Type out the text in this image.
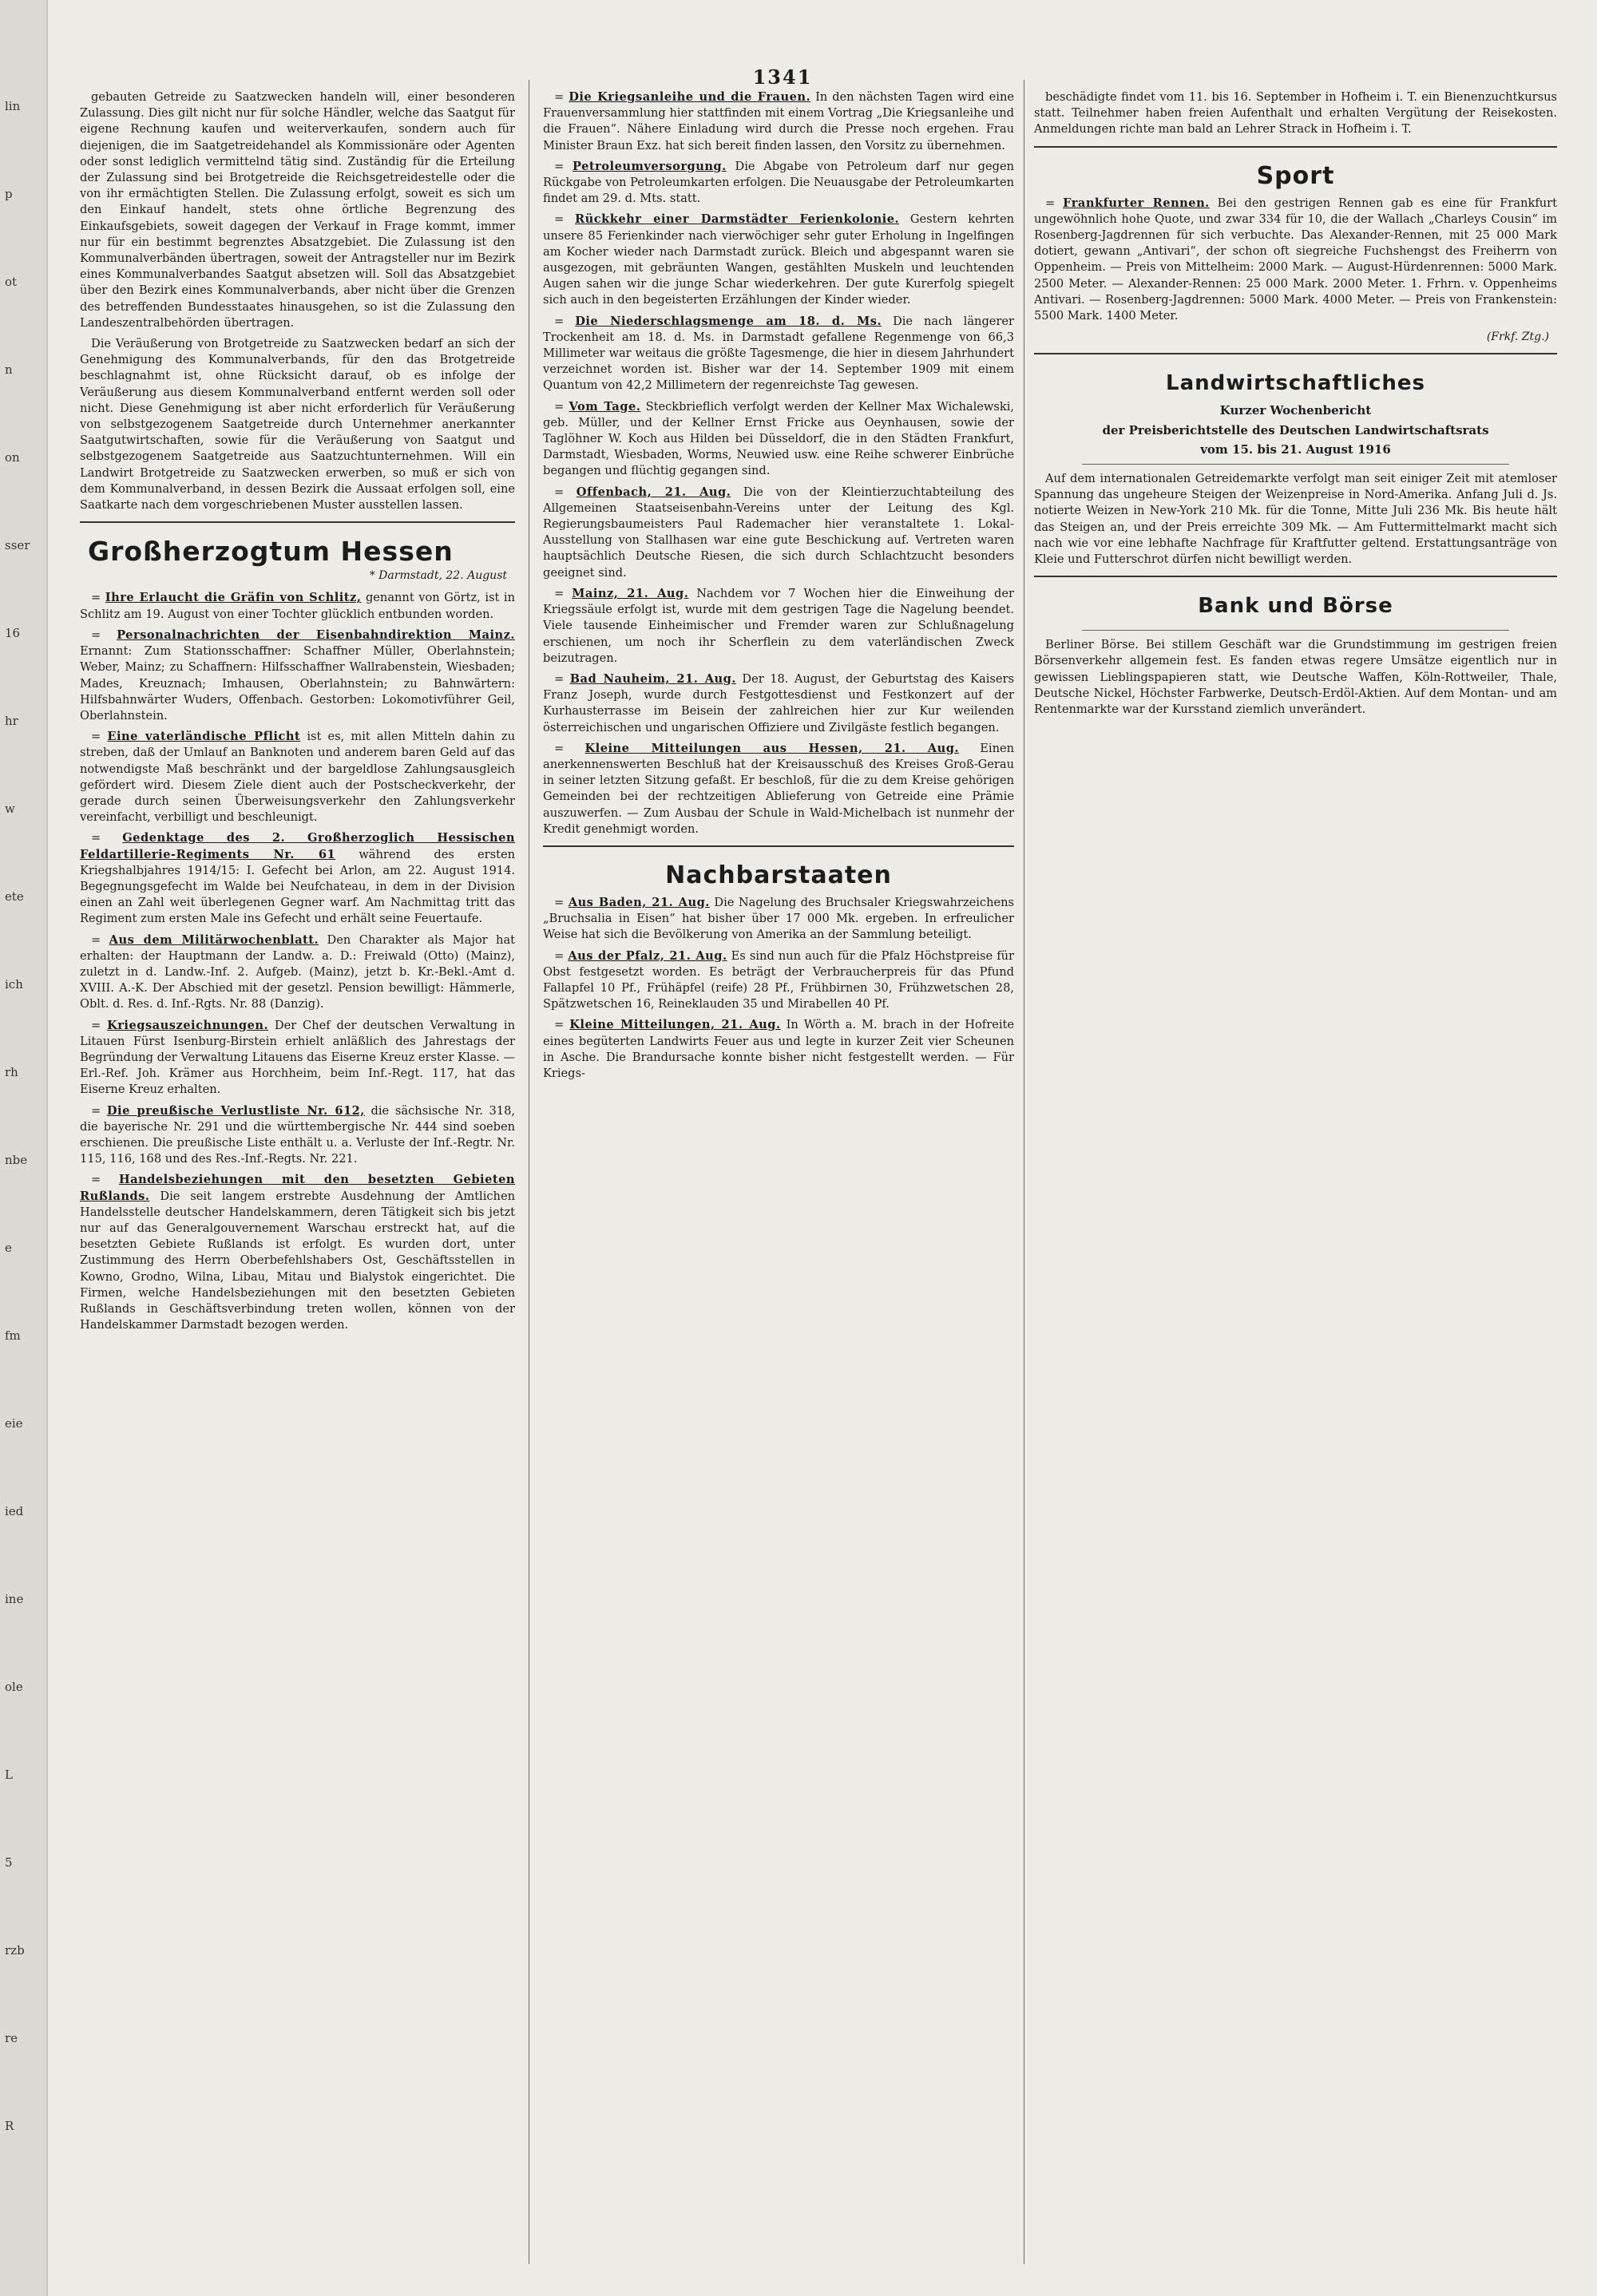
lin
p
ot
n
on
sser
16
hr
w
ete
ich
rh
nbe
e
fm
eie
ied
ine
ole
L
5
rzb
re
R
1341

gebauten Getreide zu Saatzwecken handeln will, einer besonderen Zulassung. Dies gilt nicht nur für solche Händler, welche das Saatgut für eigene Rechnung kaufen und weiterverkaufen, sondern auch für diejenigen, die im Saatgetreidehandel als Kommissionäre oder Agenten oder sonst lediglich vermittelnd tätig sind. Zuständig für die Erteilung der Zulassung sind bei Brotgetreide die Reichsgetreidestelle oder die von ihr ermächtigten Stellen. Die Zulassung erfolgt, soweit es sich um den Einkauf handelt, stets ohne örtliche Begrenzung des Einkaufsgebiets, soweit dagegen der Verkauf in Frage kommt, immer nur für ein bestimmt begrenztes Absatzgebiet. Die Zulassung ist den Kommunalverbänden übertragen, soweit der Antragsteller nur im Bezirk eines Kommunalverbandes Saatgut absetzen will. Soll das Absatzgebiet über den Bezirk eines Kommunalverbands, aber nicht über die Grenzen des betreffenden Bundesstaates hinausgehen, so ist die Zulassung den Landeszentralbehörden übertragen.

Die Veräußerung von Brotgetreide zu Saatzwecken bedarf an sich der Genehmigung des Kommunalverbands, für den das Brotgetreide beschlagnahmt ist, ohne Rücksicht darauf, ob es infolge der Veräußerung aus diesem Kommunalverband entfernt werden soll oder nicht. Diese Genehmigung ist aber nicht erforderlich für Veräußerung von selbstgezogenem Saatgetreide durch Unternehmer anerkannter Saatgutwirtschaften, sowie für die Veräußerung von Saatgut und selbstgezogenem Saatgetreide aus Saatzuchtunternehmen. Will ein Landwirt Brotgetreide zu Saatzwecken erwerben, so muß er sich von dem Kommunalverband, in dessen Bezirk die Aussaat erfolgen soll, eine Saatkarte nach dem vorgeschriebenen Muster ausstellen lassen.

Großherzogtum Hessen
* Darmstadt, 22. August

= Ihre Erlaucht die Gräfin von Schlitz, genannt von Görtz, ist in Schlitz am 19. August von einer Tochter glücklich entbunden worden.

= Personalnachrichten der Eisenbahndirektion Mainz. Ernannt: Zum Stationsschaffner: Schaffner Müller, Oberlahnstein; Weber, Mainz; zu Schaffnern: Hilfsschaffner Wallrabenstein, Wiesbaden; Mades, Kreuznach; Imhausen, Oberlahnstein; zu Bahnwärtern: Hilfsbahnwärter Wuders, Offenbach. Gestorben: Lokomotivführer Geil, Oberlahnstein.

= Eine vaterländische Pflicht ist es, mit allen Mitteln dahin zu streben, daß der Umlauf an Banknoten und anderem baren Geld auf das notwendigste Maß beschränkt und der bargeldlose Zahlungsausgleich gefördert wird. Diesem Ziele dient auch der Postscheckverkehr, der gerade durch seinen Überweisungsverkehr den Zahlungsverkehr vereinfacht, verbilligt und beschleunigt.

= Gedenktage des 2. Großherzoglich Hessischen Feldartillerie-Regiments Nr. 61 während des ersten Kriegshalbjahres 1914/15: I. Gefecht bei Arlon, am 22. August 1914. Begegnungsgefecht im Walde bei Neufchateau, in dem in der Division einen an Zahl weit überlegenen Gegner warf. Am Nachmittag tritt das Regiment zum ersten Male ins Gefecht und erhält seine Feuertaufe.

= Aus dem Militärwochenblatt. Den Charakter als Major hat erhalten: der Hauptmann der Landw. a. D.: Freiwald (Otto) (Mainz), zuletzt in d. Landw.-Inf. 2. Aufgeb. (Mainz), jetzt b. Kr.-Bekl.-Amt d. XVIII. A.-K. Der Abschied mit der gesetzl. Pension bewilligt: Hämmerle, Oblt. d. Res. d. Inf.-Rgts. Nr. 88 (Danzig).

= Kriegsauszeichnungen. Der Chef der deutschen Verwaltung in Litauen Fürst Isenburg-Birstein erhielt anläßlich des Jahrestags der Begründung der Verwaltung Litauens das Eiserne Kreuz erster Klasse. — Erl.-Ref. Joh. Krämer aus Horchheim, beim Inf.-Regt. 117, hat das Eiserne Kreuz erhalten.

= Die preußische Verlustliste Nr. 612, die sächsische Nr. 318, die bayerische Nr. 291 und die württembergische Nr. 444 sind soeben erschienen. Die preußische Liste enthält u. a. Verluste der Inf.-Regtr. Nr. 115, 116, 168 und des Res.-Inf.-Regts. Nr. 221.

= Handelsbeziehungen mit den besetzten Gebieten Rußlands. Die seit langem erstrebte Ausdehnung der Amtlichen Handelsstelle deutscher Handelskammern, deren Tätigkeit sich bis jetzt nur auf das Generalgouvernement Warschau erstreckt hat, auf die besetzten Gebiete Rußlands ist erfolgt. Es wurden dort, unter Zustimmung des Herrn Oberbefehlshabers Ost, Geschäftsstellen in Kowno, Grodno, Wilna, Libau, Mitau und Bialystok eingerichtet. Die Firmen, welche Handelsbeziehungen mit den besetzten Gebieten Rußlands in Geschäftsverbindung treten wollen, können von der Handelskammer Darmstadt bezogen werden.

= Die Kriegsanleihe und die Frauen. In den nächsten Tagen wird eine Frauenversammlung hier stattfinden mit einem Vortrag „Die Kriegsanleihe und die Frauen“. Nähere Einladung wird durch die Presse noch ergehen. Frau Minister Braun Exz. hat sich bereit finden lassen, den Vorsitz zu übernehmen.

= Petroleumversorgung. Die Abgabe von Petroleum darf nur gegen Rückgabe von Petroleumkarten erfolgen. Die Neuausgabe der Petroleumkarten findet am 29. d. Mts. statt.

= Rückkehr einer Darmstädter Ferienkolonie. Gestern kehrten unsere 85 Ferienkinder nach vierwöchiger sehr guter Erholung in Ingelfingen am Kocher wieder nach Darmstadt zurück. Bleich und abgespannt waren sie ausgezogen, mit gebräunten Wangen, gestählten Muskeln und leuchtenden Augen sahen wir die junge Schar wiederkehren. Der gute Kurerfolg spiegelt sich auch in den begeisterten Erzählungen der Kinder wieder.

= Die Niederschlagsmenge am 18. d. Ms. Die nach längerer Trockenheit am 18. d. Ms. in Darmstadt gefallene Regenmenge von 66,3 Millimeter war weitaus die größte Tagesmenge, die hier in diesem Jahrhundert verzeichnet worden ist. Bisher war der 14. September 1909 mit einem Quantum von 42,2 Millimetern der regenreichste Tag gewesen.

= Vom Tage. Steckbrieflich verfolgt werden der Kellner Max Wichalewski, geb. Müller, und der Kellner Ernst Fricke aus Oeynhausen, sowie der Taglöhner W. Koch aus Hilden bei Düsseldorf, die in den Städten Frankfurt, Darmstadt, Wiesbaden, Worms, Neuwied usw. eine Reihe schwerer Einbrüche begangen und flüchtig gegangen sind.

= Offenbach, 21. Aug. Die von der Kleintierzuchtabteilung des Allgemeinen Staatseisenbahn-Vereins unter der Leitung des Kgl. Regierungsbaumeisters Paul Rademacher hier veranstaltete 1. Lokal-Ausstellung von Stallhasen war eine gute Beschickung auf. Vertreten waren hauptsächlich Deutsche Riesen, die sich durch Schlachtzucht besonders geeignet sind.

= Mainz, 21. Aug. Nachdem vor 7 Wochen hier die Einweihung der Kriegssäule erfolgt ist, wurde mit dem gestrigen Tage die Nagelung beendet. Viele tausende Einheimischer und Fremder waren zur Schlußnagelung erschienen, um noch ihr Scherflein zu dem vaterländischen Zweck beizutragen.

= Bad Nauheim, 21. Aug. Der 18. August, der Geburtstag des Kaisers Franz Joseph, wurde durch Festgottesdienst und Festkonzert auf der Kurhausterrasse im Beisein der zahlreichen hier zur Kur weilenden österreichischen und ungarischen Offiziere und Zivilgäste festlich begangen.

= Kleine Mitteilungen aus Hessen, 21. Aug. Einen anerkennenswerten Beschluß hat der Kreisausschuß des Kreises Groß-Gerau in seiner letzten Sitzung gefaßt. Er beschloß, für die zu dem Kreise gehörigen Gemeinden bei der rechtzeitigen Ablieferung von Getreide eine Prämie auszuwerfen. — Zum Ausbau der Schule in Wald-Michelbach ist nunmehr der Kredit genehmigt worden.

Nachbarstaaten

= Aus Baden, 21. Aug. Die Nagelung des Bruchsaler Kriegswahrzeichens „Bruchsalia in Eisen“ hat bisher über 17 000 Mk. ergeben. In erfreulicher Weise hat sich die Bevölkerung von Amerika an der Sammlung beteiligt.

= Aus der Pfalz, 21. Aug. Es sind nun auch für die Pfalz Höchstpreise für Obst festgesetzt worden. Es beträgt der Verbraucherpreis für das Pfund Fallapfel 10 Pf., Frühäpfel (reife) 28 Pf., Frühbirnen 30, Frühzwetschen 28, Spätzwetschen 16, Reineklauden 35 und Mirabellen 40 Pf.

= Kleine Mitteilungen, 21. Aug. In Wörth a. M. brach in der Hofreite eines begüterten Landwirts Feuer aus und legte in kurzer Zeit vier Scheunen in Asche. Die Brandursache konnte bisher nicht festgestellt werden. — Für Kriegs-

beschädigte findet vom 11. bis 16. September in Hofheim i. T. ein Bienenzuchtkursus statt. Teilnehmer haben freien Aufenthalt und erhalten Vergütung der Reisekosten. Anmeldungen richte man bald an Lehrer Strack in Hofheim i. T.

Sport

= Frankfurter Rennen. Bei den gestrigen Rennen gab es eine für Frankfurt ungewöhnlich hohe Quote, und zwar 334 für 10, die der Wallach „Charleys Cousin“ im Rosenberg-Jagdrennen für sich verbuchte. Das Alexander-Rennen, mit 25 000 Mark dotiert, gewann „Antivari“, der schon oft siegreiche Fuchshengst des Freiherrn von Oppenheim. — Preis von Mittelheim: 2000 Mark. — August-Hürdenrennen: 5000 Mark. 2500 Meter. — Alexander-Rennen: 25 000 Mark. 2000 Meter. 1. Frhrn. v. Oppenheims Antivari. — Rosenberg-Jagdrennen: 5000 Mark. 4000 Meter. — Preis von Frankenstein: 5500 Mark. 1400 Meter.

(Frkf. Ztg.)
Landwirtschaftliches
Kurzer Wochenbericht
der Preisberichtstelle des Deutschen Landwirtschaftsrats
vom 15. bis 21. August 1916

Auf dem internationalen Getreidemarkte verfolgt man seit einiger Zeit mit atemloser Spannung das ungeheure Steigen der Weizenpreise in Nord-Amerika. Anfang Juli d. Js. notierte Weizen in New-York 210 Mk. für die Tonne, Mitte Juli 236 Mk. Bis heute hält das Steigen an, und der Preis erreichte 309 Mk. — Am Futtermittelmarkt macht sich nach wie vor eine lebhafte Nachfrage für Kraftfutter geltend. Erstattungsanträge von Kleie und Futterschrot dürfen nicht bewilligt werden.

Bank und Börse

Berliner Börse. Bei stillem Geschäft war die Grundstimmung im gestrigen freien Börsenverkehr allgemein fest. Es fanden etwas regere Umsätze eigentlich nur in gewissen Lieblingspapieren statt, wie Deutsche Waffen, Köln-Rottweiler, Thale, Deutsche Nickel, Höchster Farbwerke, Deutsch-Erdöl-Aktien. Auf dem Montan- und am Rentenmarkte war der Kursstand ziemlich unverändert.
